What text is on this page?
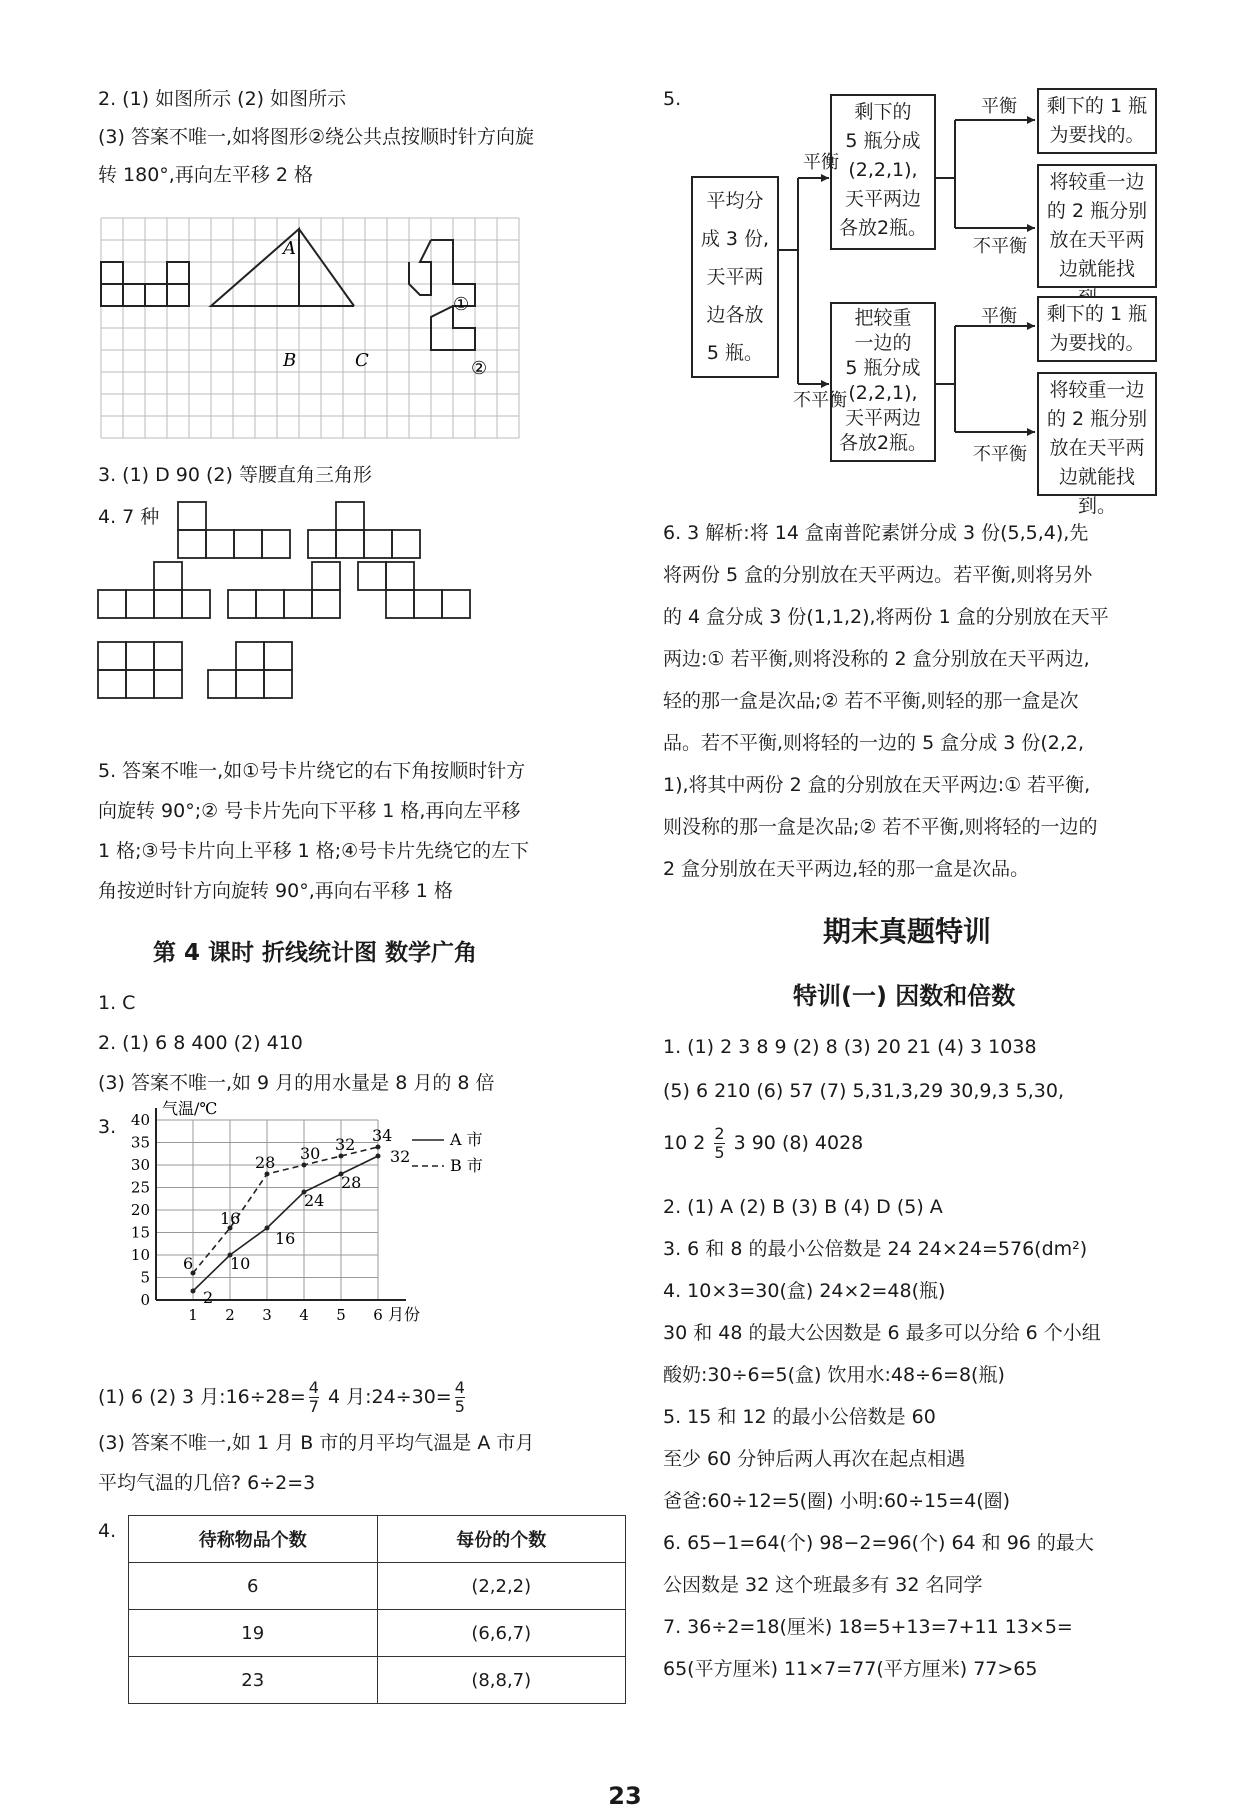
2. (1) 如图所示 (2) 如图所示
(3) 答案不唯一,如将图形②绕公共点按顺时针方向旋
转 180°,再向左平移 2 格
A
B	C
①
②
3. (1) D 90 (2) 等腰直角三角形
4. 7 种
5. 答案不唯一,如①号卡片绕它的右下角按顺时针方
向旋转 90°;② 号卡片先向下平移 1 格,再向左平移
1 格;③号卡片向上平移 1 格;④号卡片先绕它的左下
角按逆时针方向旋转 90°,再向右平移 1 格
第 4 课时 折线统计图 数学广角
1. C
2. (1) 6 8 400 (2) 410
(3) 答案不唯一,如 9 月的用水量是 8 月的 8 倍
3.
0
5
10
15
20
25
30
35
40
气温/℃
月份
1 2 3 4 5 6
2
10
16
24
28
32
A 市
6
16
28 30 32 34
B 市
(1) 6 (2) 3 月:16÷28= $\frac{4}{7} 4$ 月:24÷30= $\frac{4}{5}$
(3) 答案不唯一,如 1 月 B 市的月平均气温是 A 市月
平均气温的几倍? 6÷2=3
4.	待称物品个数	每份的个数
6	(2,2,2)
19	(6,6,7)
23	(8,8,7)
5.
平均分
成 3 份,
天平两
边各放
5 瓶。
剩下的
5 瓶分成
(2,2,1),
天平两边
各放2瓶。
把较重
一边的
5 瓶分成
(2,2,1),
天平两边
各放2瓶。
剩下的 1 瓶
为要找的。
将较重一边
的 2 瓶分别
放在天平两
边就能找
剩下的 1 瓶
为要找的。
将较重一边
的 2 瓶分别
放在天平两
边就能找到。
平衡
不平衡
平衡
不平衡
平衡
不平衡
6. 3 解析:将 14 盒南普陀素饼分成 3 份(5,5,4),先
将两份 5 盒的分别放在天平两边。若平衡,则将另外
的 4 盒分成 3 份(1,1,2),将两份 1 盒的分别放在天平
两边:① 若平衡,则将没称的 2 盒分别放在天平两边,
轻的那一盒是次品;② 若不平衡,则轻的那一盒是次
品。若不平衡,则将轻的一边的 5 盒分成 3 份(2,2,
1),将其中两份 2 盒的分别放在天平两边:① 若平衡,
则没称的那一盒是次品;② 若不平衡,则将轻的一边的
2 盒分别放在天平两边,轻的那一盒是次品。
期末真题特训
特训(一) 因数和倍数
1. (1) 2 3 8 9 (2) 8 (3) 20 21 (4) 3 1038
(5) 6 210 (6) 57 (7) 5,31,3,29 30,9,3 5,30,
10 $2 \frac{2}{5} 3$ 90 (8) 4028
2. (1) A (2) B (3) B (4) D (5) A
3. 6 和 8 的最小公倍数是 24 24×24=576(dm²)
4. 10×3=30(盒) 24×2=48(瓶)
30 和 48 的最大公因数是 6 最多可以分给 6 个小组
酸奶:30÷6=5(盒) 饮用水:48÷6=8(瓶)
5. 15 和 12 的最小公倍数是 60
至少 60 分钟后两人再次在起点相遇
爸爸:60÷12=5(圈) 小明:60÷15=4(圈)
6. 65−1=64(个) 98−2=96(个) 64 和 96 的最大
公因数是 32 这个班最多有 32 名同学
7. 36÷2=18(厘米) 18=5+13=7+11 13×5=
65(平方厘米) 11×7=77(平方厘米) 77>65
23
